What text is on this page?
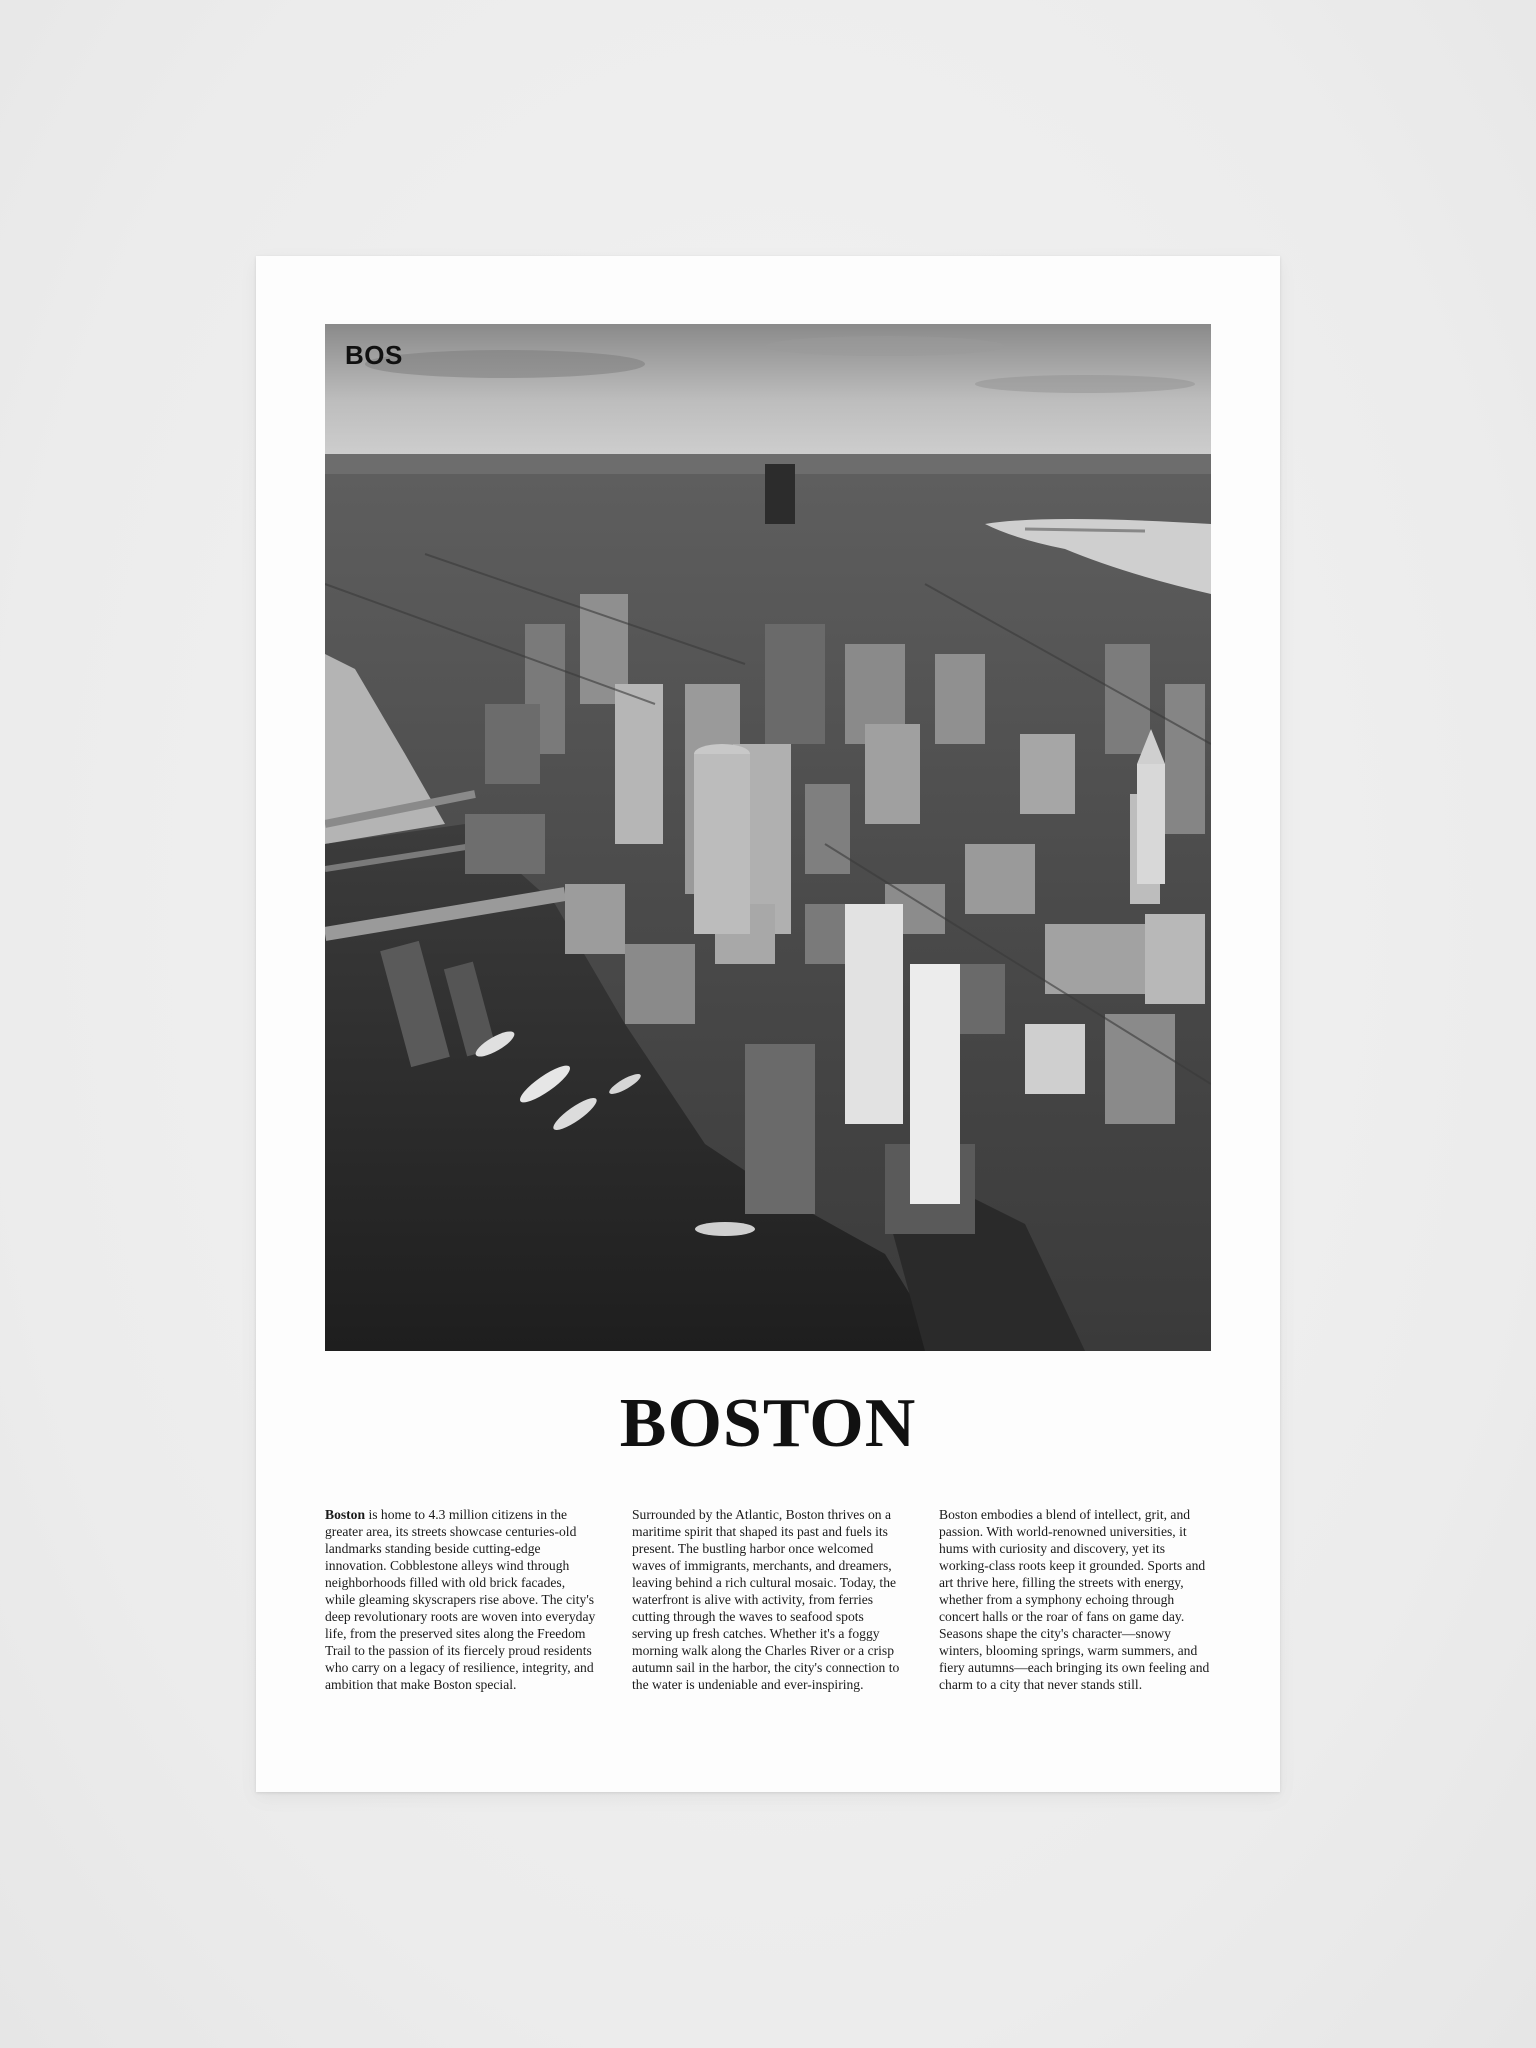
BOS
BOSTON

Boston is home to 4.3 million citizens in the greater area, its streets showcase centuries-old landmarks standing beside cutting-edge innovation. Cobblestone alleys wind through neighborhoods filled with old brick facades, while gleaming skyscrapers rise above. The city's deep revolutionary roots are woven into everyday life, from the preserved sites along the Freedom Trail to the passion of its fiercely proud residents who carry on a legacy of resilience, integrity, and ambition that make Boston special.

Surrounded by the Atlantic, Boston thrives on a maritime spirit that shaped its past and fuels its present. The bustling harbor once welcomed waves of immigrants, merchants, and dreamers, leaving behind a rich cultural mosaic. Today, the waterfront is alive with activity, from ferries cutting through the waves to seafood spots serving up fresh catches. Whether it's a foggy morning walk along the Charles River or a crisp autumn sail in the harbor, the city's connection to the water is undeniable and ever-inspiring.

Boston embodies a blend of intellect, grit, and passion. With world-renowned universities, it hums with curiosity and discovery, yet its working-class roots keep it grounded. Sports and art thrive here, filling the streets with energy, whether from a symphony echoing through concert halls or the roar of fans on game day. Seasons shape the city's character—snowy winters, blooming springs, warm summers, and fiery autumns—each bringing its own feeling and charm to a city that never stands still.
